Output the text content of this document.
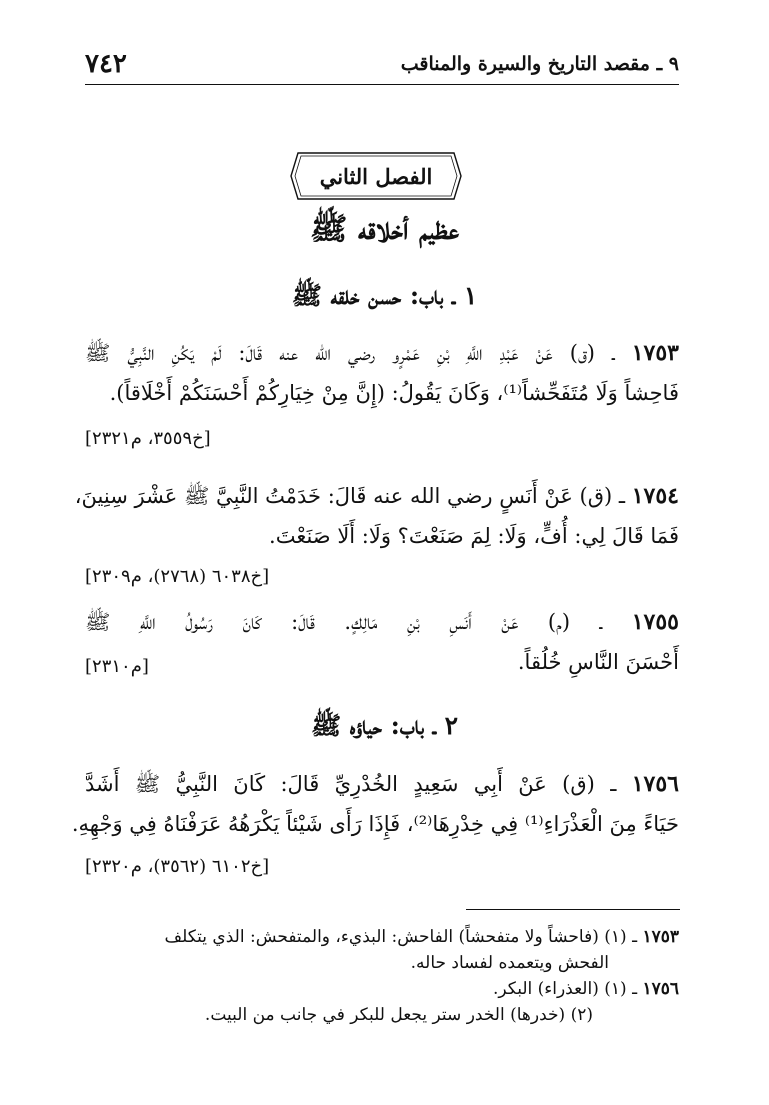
٩ ـ مقصد التاريخ والسيرة والمناقب
٧٤٢
الفصل الثاني
عظيم أخلاقه ﷺ
١ ـ باب: حسن خلقه ﷺ
١٧٥٣ ـ (ق) عَنْ عَبْدِ اللَّهِ بْنِ عَمْرٍو رضي الله عنه قَالَ: لَمْ يَكُنِ النَّبِيُّ ﷺ
فَاحِشاً وَلَا مُتَفَحِّشاً⁽¹⁾، وَكَانَ يَقُولُ: (إِنَّ مِنْ خِيَارِكُمْ أَحْسَنَكُمْ أَخْلَاقاً).
[خ٣٥٥٩، م٢٣٢١]
١٧٥٤ ـ (ق) عَنْ أَنَسٍ رضي الله عنه قَالَ: خَدَمْتُ النَّبِيَّ ﷺ عَشْرَ سِنِينَ،
فَمَا قَالَ لِي: أُفٍّ، وَلَا: لِمَ صَنَعْتَ؟ وَلَا: أَلَا صَنَعْتَ.
[خ٦٠٣٨ (٢٧٦٨)، م٢٣٠٩]
١٧٥٥ ـ (م) عَنْ أَنَسِ بْنِ مَالِكٍ. قَالَ: كَانَ رَسُولُ اللَّهِ ﷺ
أَحْسَنَ النَّاسِ خُلُقاً.
[م٢٣١٠]
٢ ـ باب: حياؤه ﷺ
١٧٥٦ ـ (ق) عَنْ أَبِي سَعِيدٍ الخُدْرِيِّ قَالَ: كَانَ النَّبِيُّ ﷺ أَشَدَّ
حَيَاءً مِنَ الْعَذْرَاءِ⁽¹⁾ فِي خِدْرِهَا⁽²⁾، فَإِذَا رَأَى شَيْئاً يَكْرَهُهُ عَرَفْنَاهُ فِي وَجْهِهِ.
[خ٦١٠٢ (٣٥٦٢)، م٢٣٢٠]
١٧٥٣ ـ (١) (فاحشاً ولا متفحشاً) الفاحش: البذيء، والمتفحش: الذي يتكلف
الفحش ويتعمده لفساد حاله.
١٧٥٦ ـ (١) (العذراء) البكر.
(٢) (خدرها) الخدر ستر يجعل للبكر في جانب من البيت.
